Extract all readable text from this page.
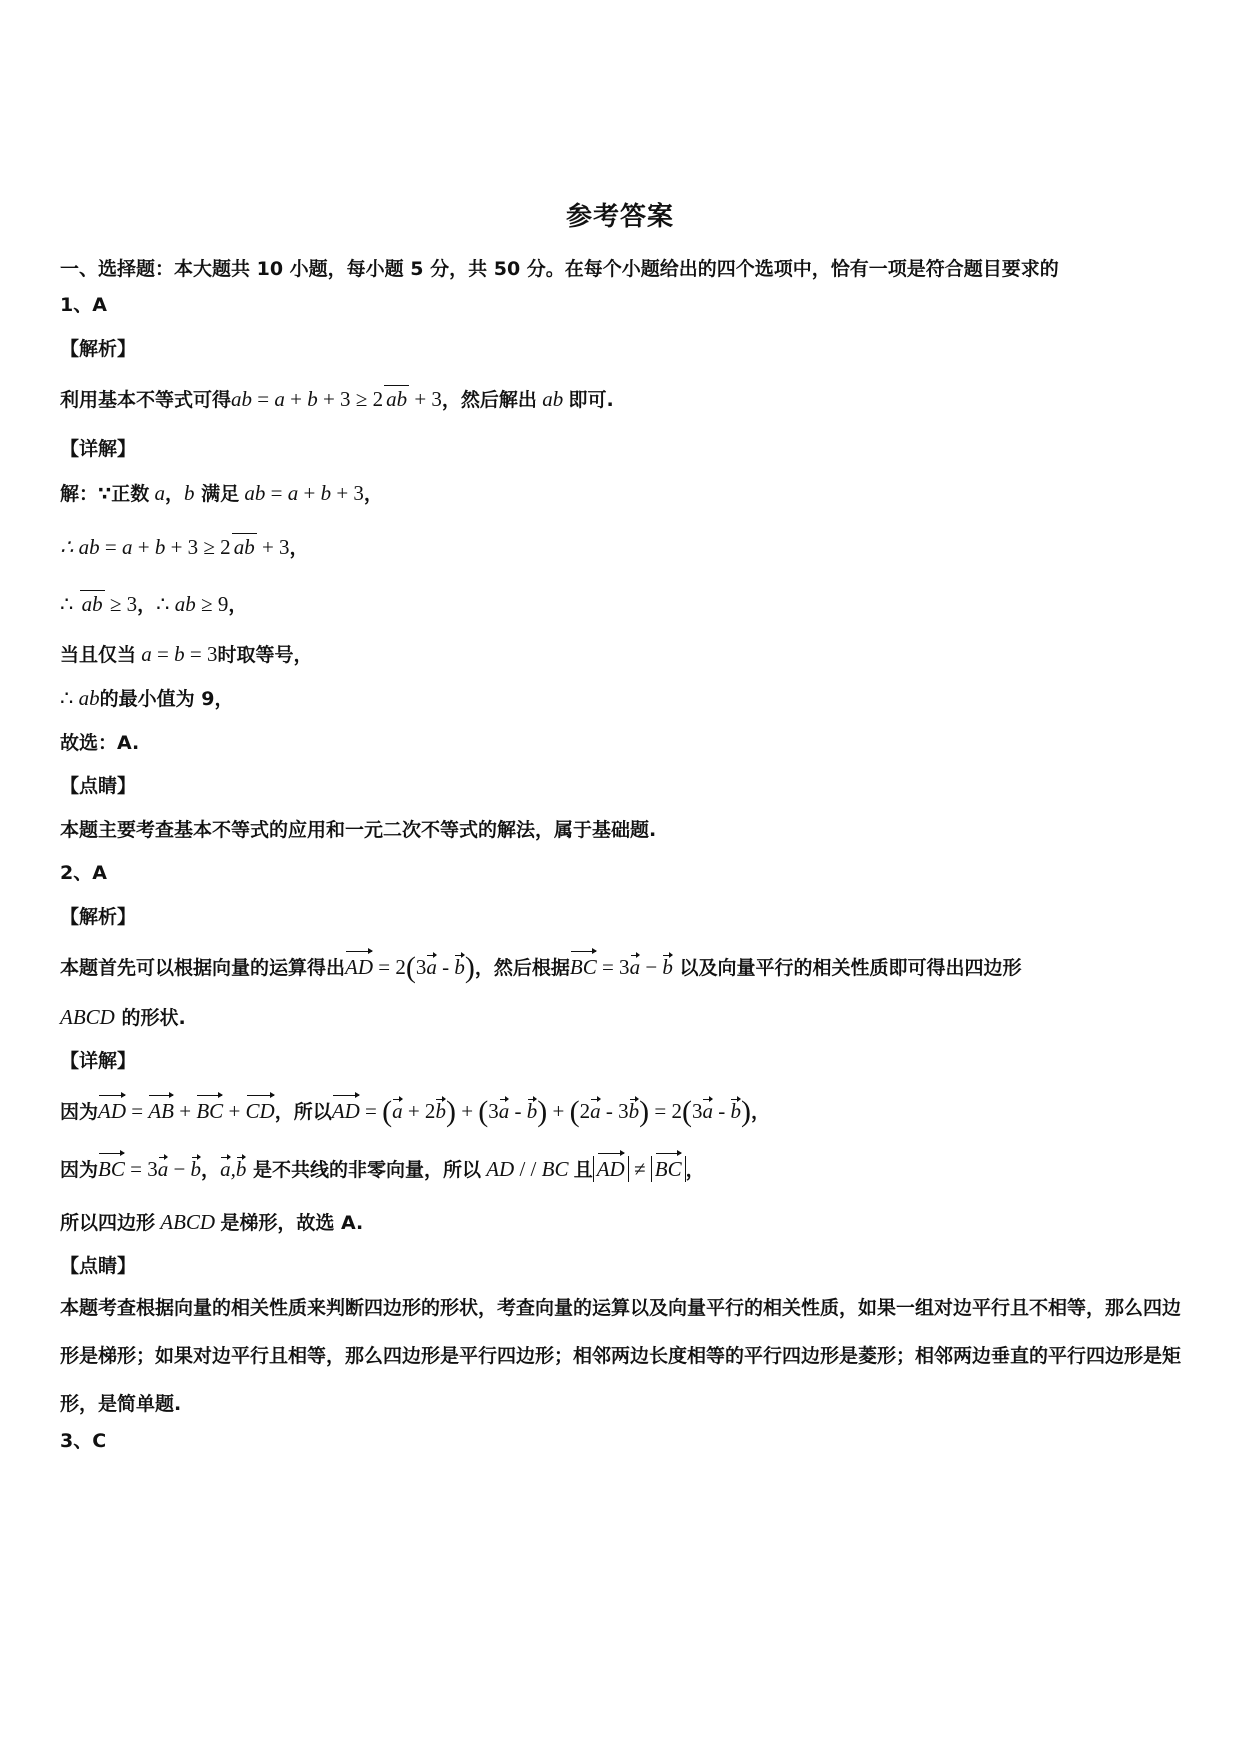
参考答案
一、选择题：本大题共 10 小题，每小题 5 分，共 50 分。在每个小题给出的四个选项中，恰有一项是符合题目要求的
1、A
【解析】
利用基本不等式可得ab = a + b + 3 ≥ 2 ab + 3，然后解出 ab 即可.
【详解】
解：∵正数 a，b 满足 ab = a + b + 3，
∴ ab = a + b + 3 ≥ 2 ab + 3，
∴ ab ≥ 3，∴ ab ≥ 9，
当且仅当 a = b = 3时取等号，
∴ ab的最小值为 9，
故选：A.
【点睛】
本题主要考查基本不等式的应用和一元二次不等式的解法，属于基础题.
2、A
【解析】
本题首先可以根据向量的运算得出AD = 2(3a - b)，然后根据BC = 3a − b 以及向量平行的相关性质即可得出四边形
ABCD 的形状.
【详解】
因为AD = AB + BC + CD，所以AD = (a + 2b) + (3a - b) + (2a - 3b) = 2(3a - b)，
因为BC = 3a − b，a,b 是不共线的非零向量，所以 AD / / BC 且 AD ≠ BC ，
所以四边形 ABCD 是梯形，故选 A.
【点睛】
本题考查根据向量的相关性质来判断四边形的形状，考查向量的运算以及向量平行的相关性质，如果一组对边平行且不相等，那么四边形是梯形；如果对边平行且相等，那么四边形是平行四边形；相邻两边长度相等的平行四边形是菱形；相邻两边垂直的平行四边形是矩形，是简单题.
3、C
